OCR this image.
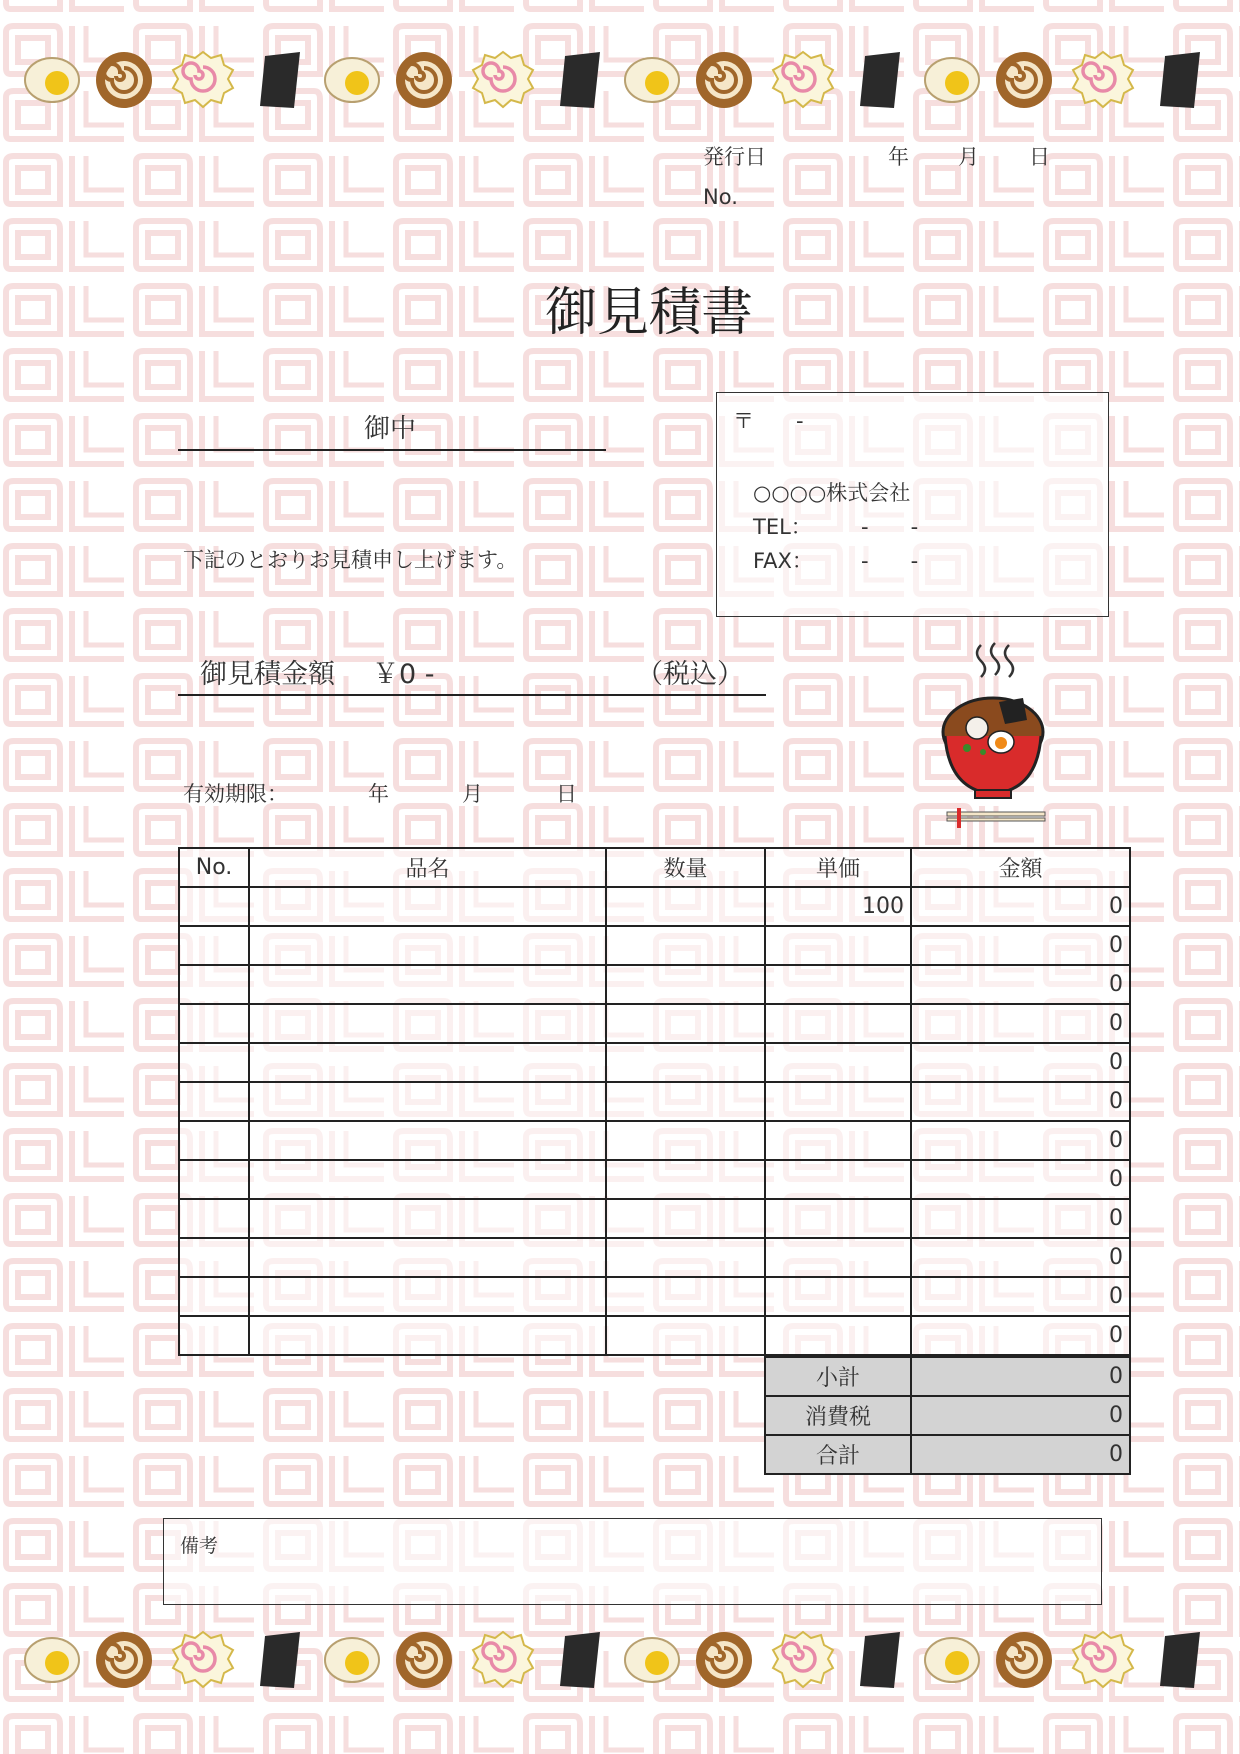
発行日	年 月 日
No.
御見積書
御中
下記のとおりお見積申し上げます。
〒　　-
○○○○株式会社
TEL： -　　-
FAX： -　　-
御見積金額 ￥0 -	（税込）
有効期限：	年	月	日
No.	品名	数量	単価	金額
			100	0
				0
				0
				0
				0
				0
				0
				0
				0
				0
				0
				0
小計	0
消費税	0
合計	0
備考
